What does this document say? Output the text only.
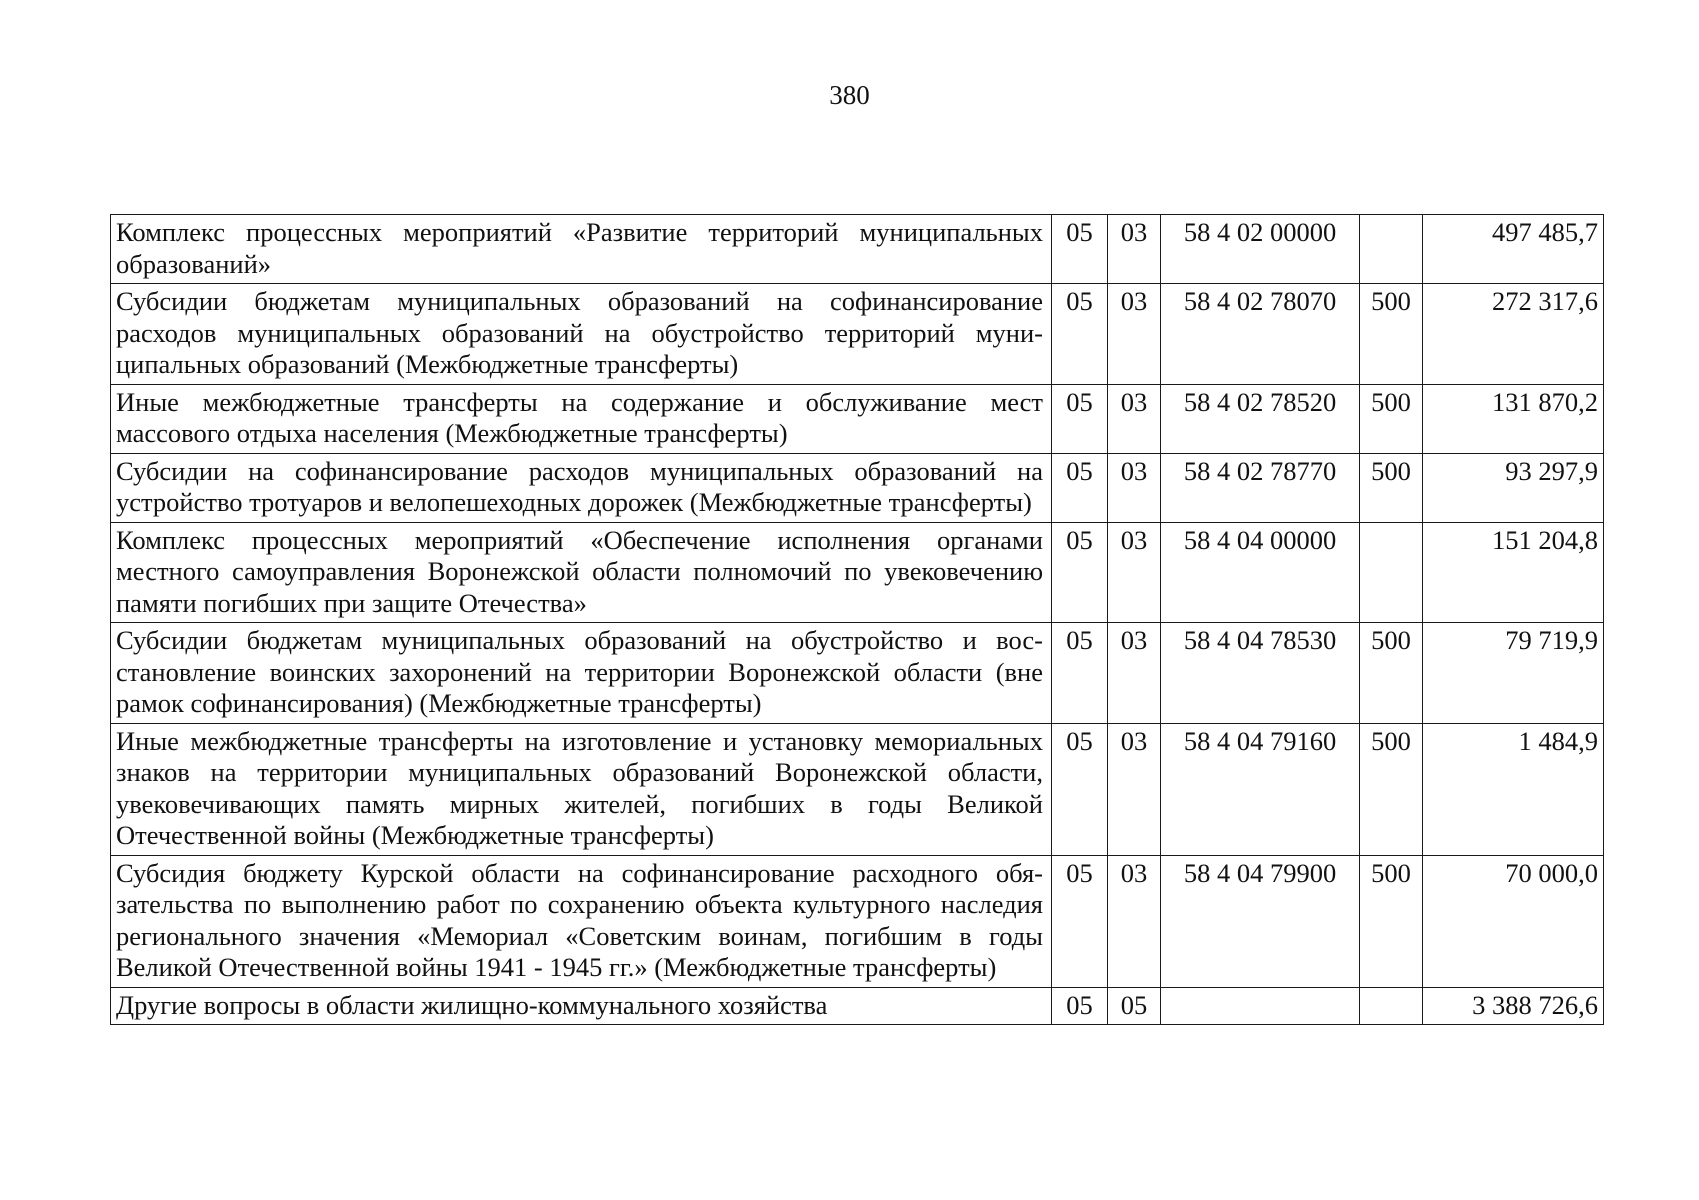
380
Комплекс процессных мероприятий «Развитие территорий муниципальных образований»	05	03	58 4 02 00000		497 485,7
Субсидии бюджетам муниципальных образований на софинансирование расходов муниципальных образований на обустройство территорий муниципальных образований (Межбюджетные трансферты)	05	03	58 4 02 78070	500	272 317,6
Иные межбюджетные трансферты на содержание и обслуживание мест массового отдыха населения (Межбюджетные трансферты)	05	03	58 4 02 78520	500	131 870,2
Субсидии на софинансирование расходов муниципальных образований на устройство тротуаров и велопешеходных дорожек (Межбюджетные трансферты)	05	03	58 4 02 78770	500	93 297,9
Комплекс процессных мероприятий «Обеспечение исполнения органами местного самоуправления Воронежской области полномочий по увековечению памяти погибших при защите Отечества»	05	03	58 4 04 00000		151 204,8
Субсидии бюджетам муниципальных образований на обустройство и восстановление воинских захоронений на территории Воронежской области (вне рамок софинансирования) (Межбюджетные трансферты)	05	03	58 4 04 78530	500	79 719,9
Иные межбюджетные трансферты на изготовление и установку мемориальных знаков на территории муниципальных образований Воронежской области, увековечивающих память мирных жителей, погибших в годы Великой Отечественной войны (Межбюджетные трансферты)	05	03	58 4 04 79160	500	1 484,9
Субсидия бюджету Курской области на софинансирование расходного обязательства по выполнению работ по сохранению объекта культурного наследия регионального значения «Мемориал «Советским воинам, погибшим в годы Великой Отечественной войны 1941 - 1945 гг.» (Межбюджетные трансферты)	05	03	58 4 04 79900	500	70 000,0
Другие вопросы в области жилищно-коммунального хозяйства	05	05			3 388 726,6
